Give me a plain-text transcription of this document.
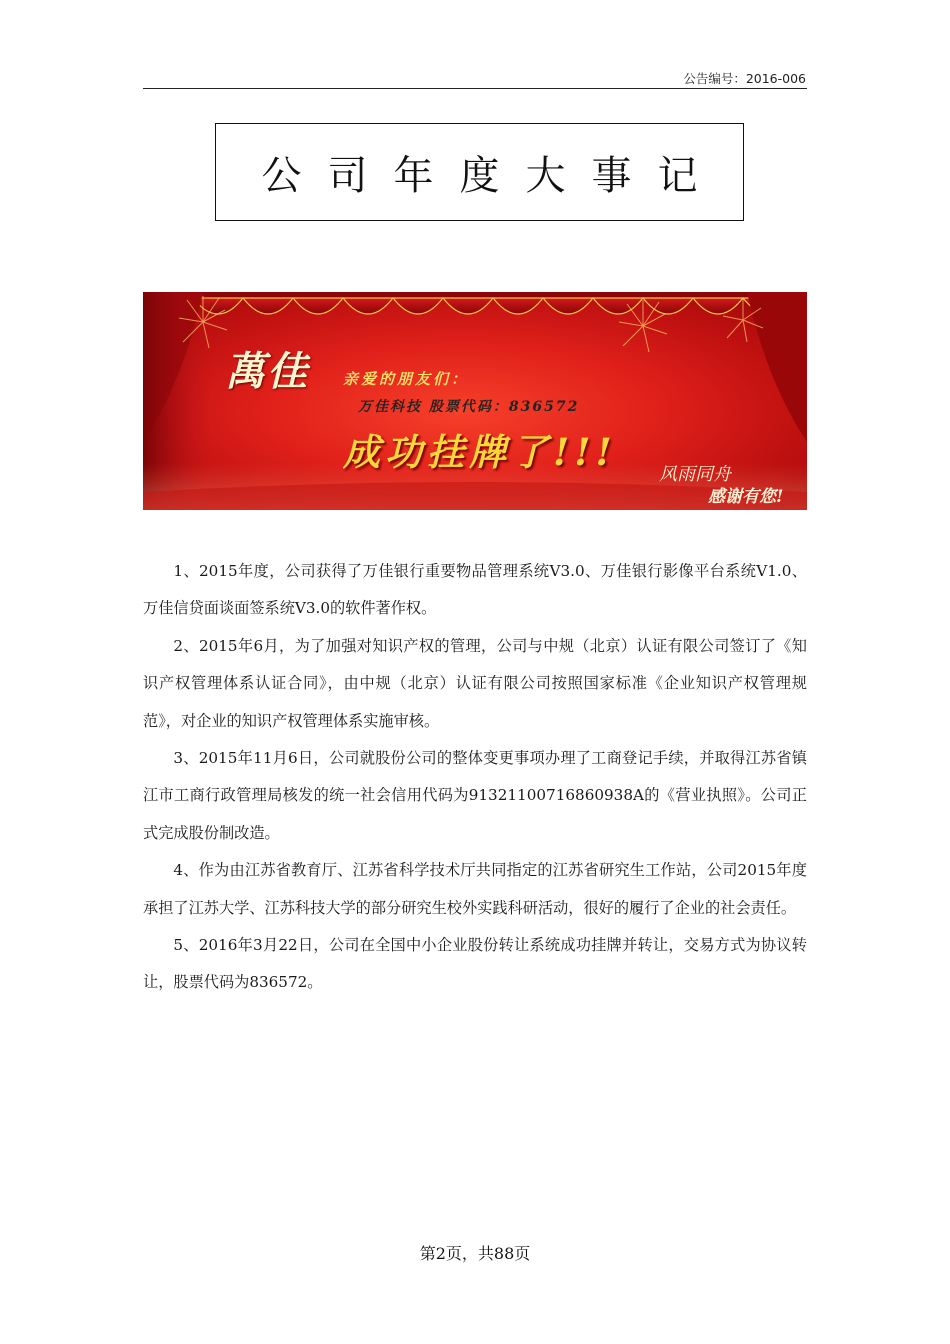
公告编号：2016-006
公司年度大事记
萬佳 亲爱的朋友们：
万佳科技 股票代码：836572
成功挂牌了!!!
风雨同舟
感谢有您!

1、2015年度，公司获得了万佳银行重要物品管理系统V3.0、万佳银行影像平台系统V1.0、万佳信贷面谈面签系统V3.0的软件著作权。

2、2015年6月，为了加强对知识产权的管理，公司与中规（北京）认证有限公司签订了《知识产权管理体系认证合同》，由中规（北京）认证有限公司按照国家标准《企业知识产权管理规范》，对企业的知识产权管理体系实施审核。

3、2015年11月6日，公司就股份公司的整体变更事项办理了工商登记手续，并取得江苏省镇江市工商行政管理局核发的统一社会信用代码为91321100716860938A的《营业执照》。公司正式完成股份制改造。

4、作为由江苏省教育厅、江苏省科学技术厅共同指定的江苏省研究生工作站，公司2015年度承担了江苏大学、江苏科技大学的部分研究生校外实践科研活动，很好的履行了企业的社会责任。

5、2016年3月22日，公司在全国中小企业股份转让系统成功挂牌并转让，交易方式为协议转让，股票代码为836572。

第2页，共88页
